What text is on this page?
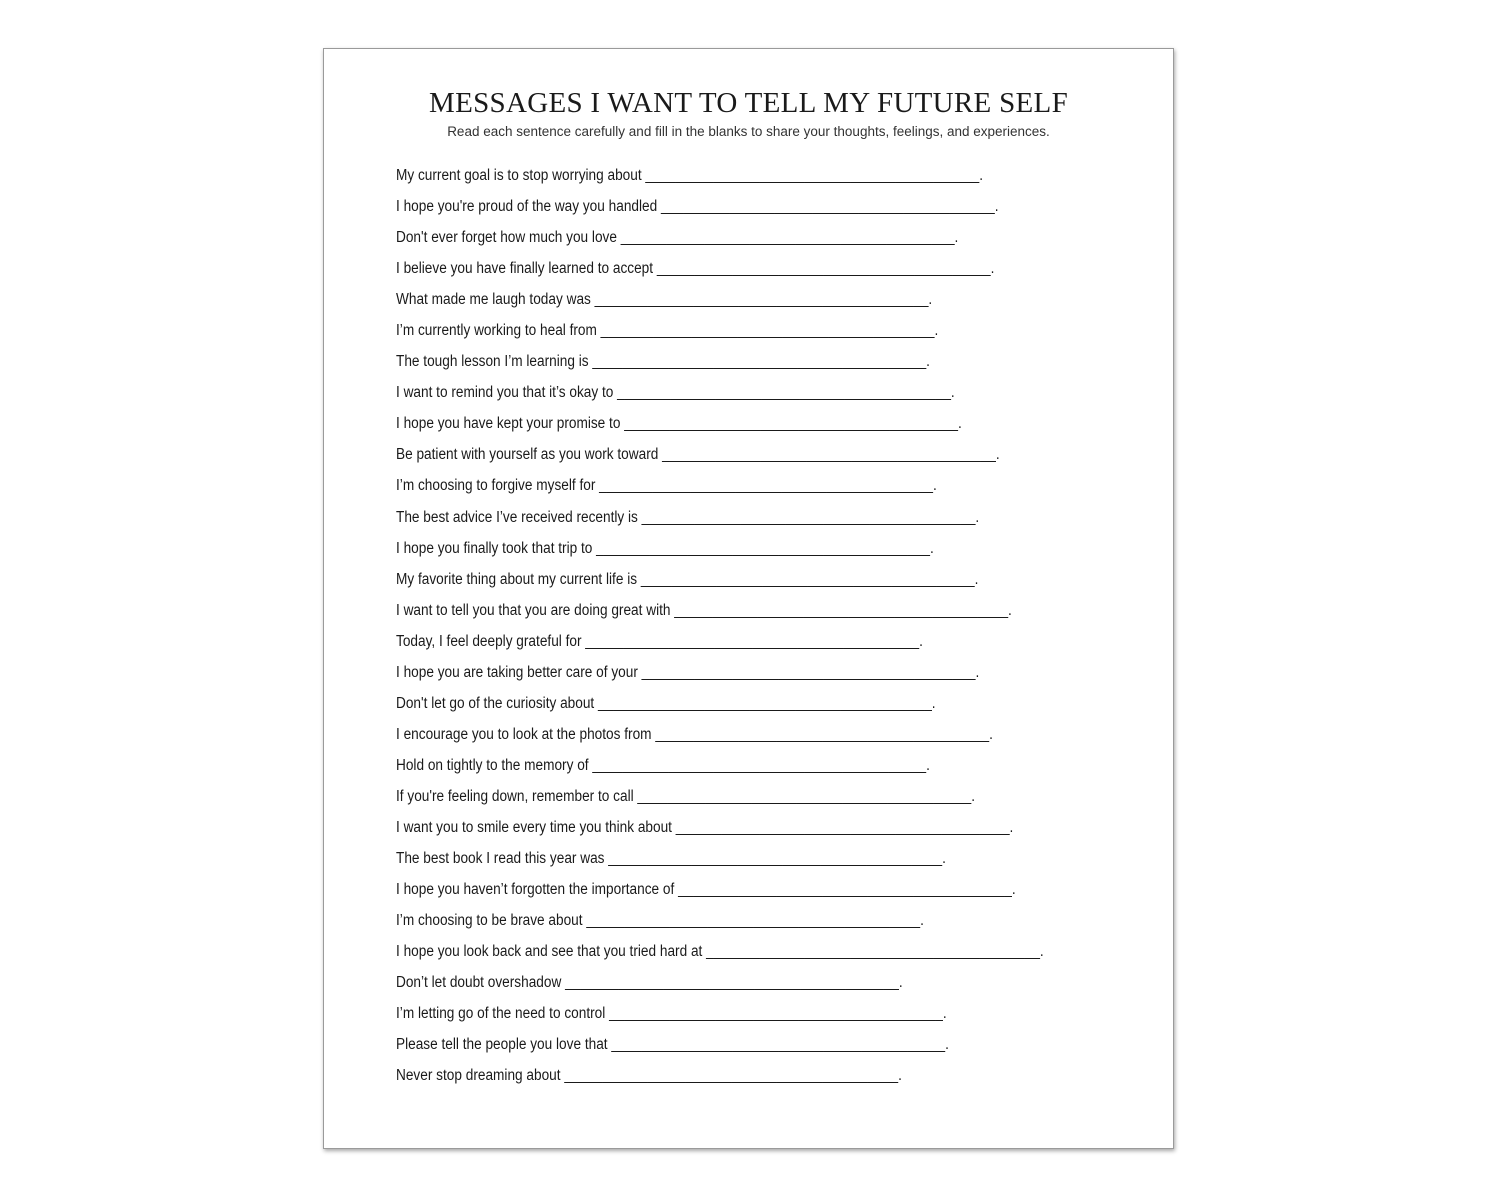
MESSAGES I WANT TO TELL MY FUTURE SELF
Read each sentence carefully and fill in the blanks to share your thoughts, feelings, and experiences.
My current goal is to stop worrying about ____________________________________________.
I hope you're proud of the way you handled ____________________________________________.
Don't ever forget how much you love ____________________________________________.
I believe you have finally learned to accept ____________________________________________.
What made me laugh today was ____________________________________________.
I’m currently working to heal from ____________________________________________.
The tough lesson I’m learning is ____________________________________________.
I want to remind you that it’s okay to ____________________________________________.
I hope you have kept your promise to ____________________________________________.
Be patient with yourself as you work toward ____________________________________________.
I’m choosing to forgive myself for ____________________________________________.
The best advice I’ve received recently is ____________________________________________.
I hope you finally took that trip to ____________________________________________.
My favorite thing about my current life is ____________________________________________.
I want to tell you that you are doing great with ____________________________________________.
Today, I feel deeply grateful for ____________________________________________.
I hope you are taking better care of your ____________________________________________.
Don't let go of the curiosity about ____________________________________________.
I encourage you to look at the photos from ____________________________________________.
Hold on tightly to the memory of ____________________________________________.
If you're feeling down, remember to call ____________________________________________.
I want you to smile every time you think about ____________________________________________.
The best book I read this year was ____________________________________________.
I hope you haven’t forgotten the importance of ____________________________________________.
I’m choosing to be brave about ____________________________________________.
I hope you look back and see that you tried hard at ____________________________________________.
Don’t let doubt overshadow ____________________________________________.
I’m letting go of the need to control ____________________________________________.
Please tell the people you love that ____________________________________________.
Never stop dreaming about ____________________________________________.
